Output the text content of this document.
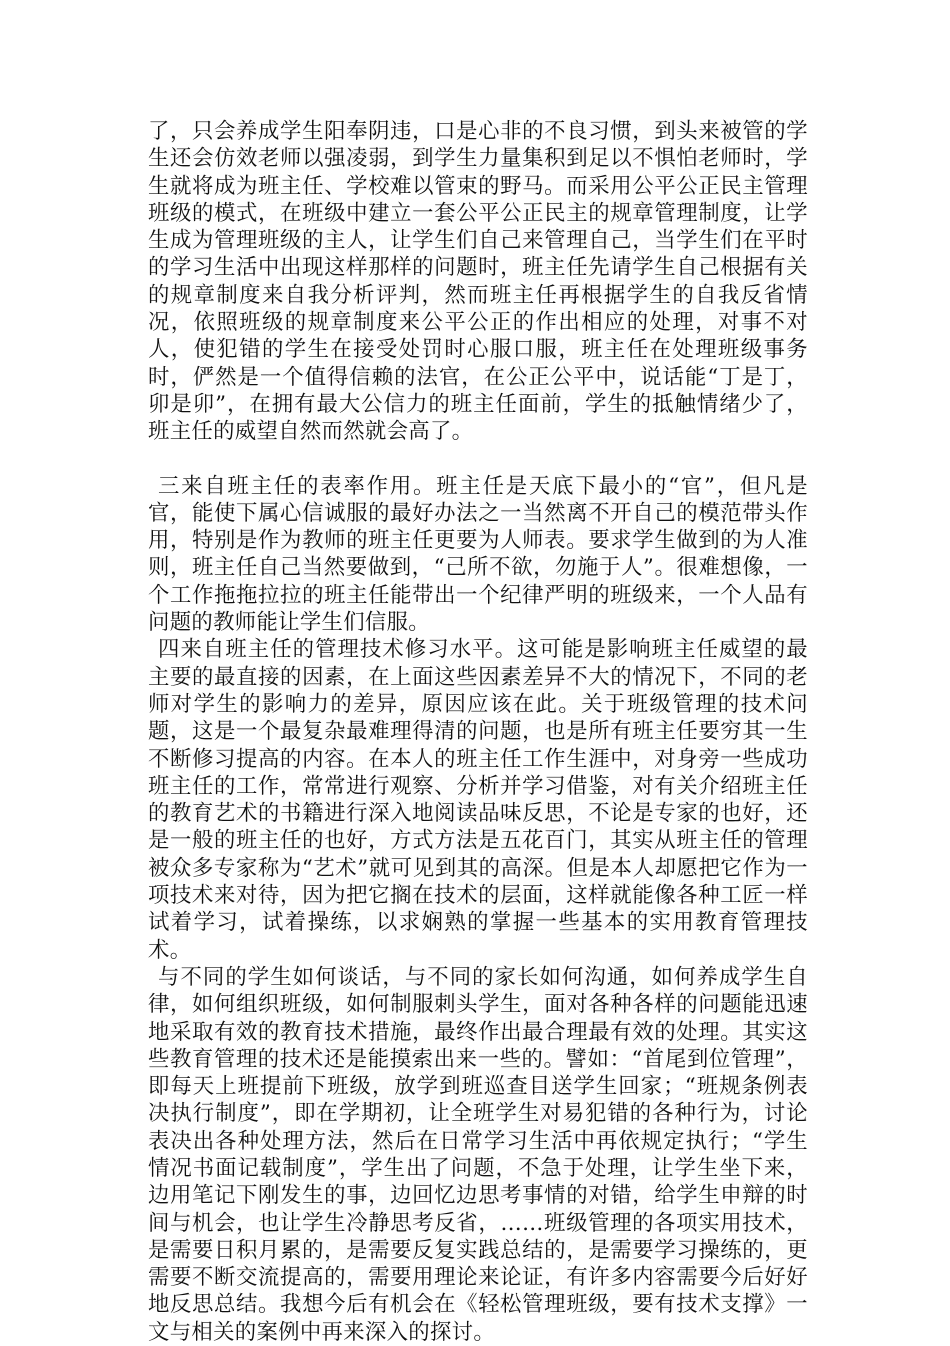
了，只会养成学生阳奉阴违，口是心非的不良习惯，到头来被管的学生还会仿效老师以强凌弱，到学生力量集积到足以不惧怕老师时，学生就将成为班主任、学校难以管束的野马。而采用公平公正民主管理班级的模式，在班级中建立一套公平公正民主的规章管理制度，让学生成为管理班级的主人，让学生们自己来管理自己，当学生们在平时的学习生活中出现这样那样的问题时，班主任先请学生自己根据有关的规章制度来自我分析评判，然而班主任再根据学生的自我反省情况，依照班级的规章制度来公平公正的作出相应的处理，对事不对人，使犯错的学生在接受处罚时心服口服，班主任在处理班级事务时，俨然是一个值得信赖的法官，在公正公平中，说话能“丁是丁，卯是卯”，在拥有最大公信力的班主任面前，学生的抵触情绪少了，班主任的威望自然而然就会高了。

三来自班主任的表率作用。班主任是天底下最小的“官”，但凡是官，能使下属心信诚服的最好办法之一当然离不开自己的模范带头作用，特别是作为教师的班主任更要为人师表。要求学生做到的为人准则，班主任自己当然要做到，“己所不欲，勿施于人”。很难想像，一个工作拖拖拉拉的班主任能带出一个纪律严明的班级来，一个人品有问题的教师能让学生们信服。

四来自班主任的管理技术修习水平。这可能是影响班主任威望的最主要的最直接的因素，在上面这些因素差异不大的情况下，不同的老师对学生的影响力的差异，原因应该在此。关于班级管理的技术问题，这是一个最复杂最难理得清的问题，也是所有班主任要穷其一生不断修习提高的内容。在本人的班主任工作生涯中，对身旁一些成功班主任的工作，常常进行观察、分析并学习借鉴，对有关介绍班主任的教育艺术的书籍进行深入地阅读品味反思，不论是专家的也好，还是一般的班主任的也好，方式方法是五花百门，其实从班主任的管理被众多专家称为“艺术”就可见到其的高深。但是本人却愿把它作为一项技术来对待，因为把它搁在技术的层面，这样就能像各种工匠一样试着学习，试着操练，以求娴熟的掌握一些基本的实用教育管理技术。

与不同的学生如何谈话，与不同的家长如何沟通，如何养成学生自律，如何组织班级，如何制服刺头学生，面对各种各样的问题能迅速地采取有效的教育技术措施，最终作出最合理最有效的处理。其实这些教育管理的技术还是能摸索出来一些的。譬如：“首尾到位管理”，即每天上班提前下班级，放学到班巡查目送学生回家；“班规条例表决执行制度”，即在学期初，让全班学生对易犯错的各种行为，讨论表决出各种处理方法，然后在日常学习生活中再依规定执行；“学生情况书面记载制度”，学生出了问题，不急于处理，让学生坐下来，边用笔记下刚发生的事，边回忆边思考事情的对错，给学生申辩的时间与机会，也让学生冷静思考反省，……班级管理的各项实用技术，是需要日积月累的，是需要反复实践总结的，是需要学习操练的，更需要不断交流提高的，需要用理论来论证，有许多内容需要今后好好地反思总结。我想今后有机会在《轻松管理班级，要有技术支撑》一文与相关的案例中再来深入的探讨。
